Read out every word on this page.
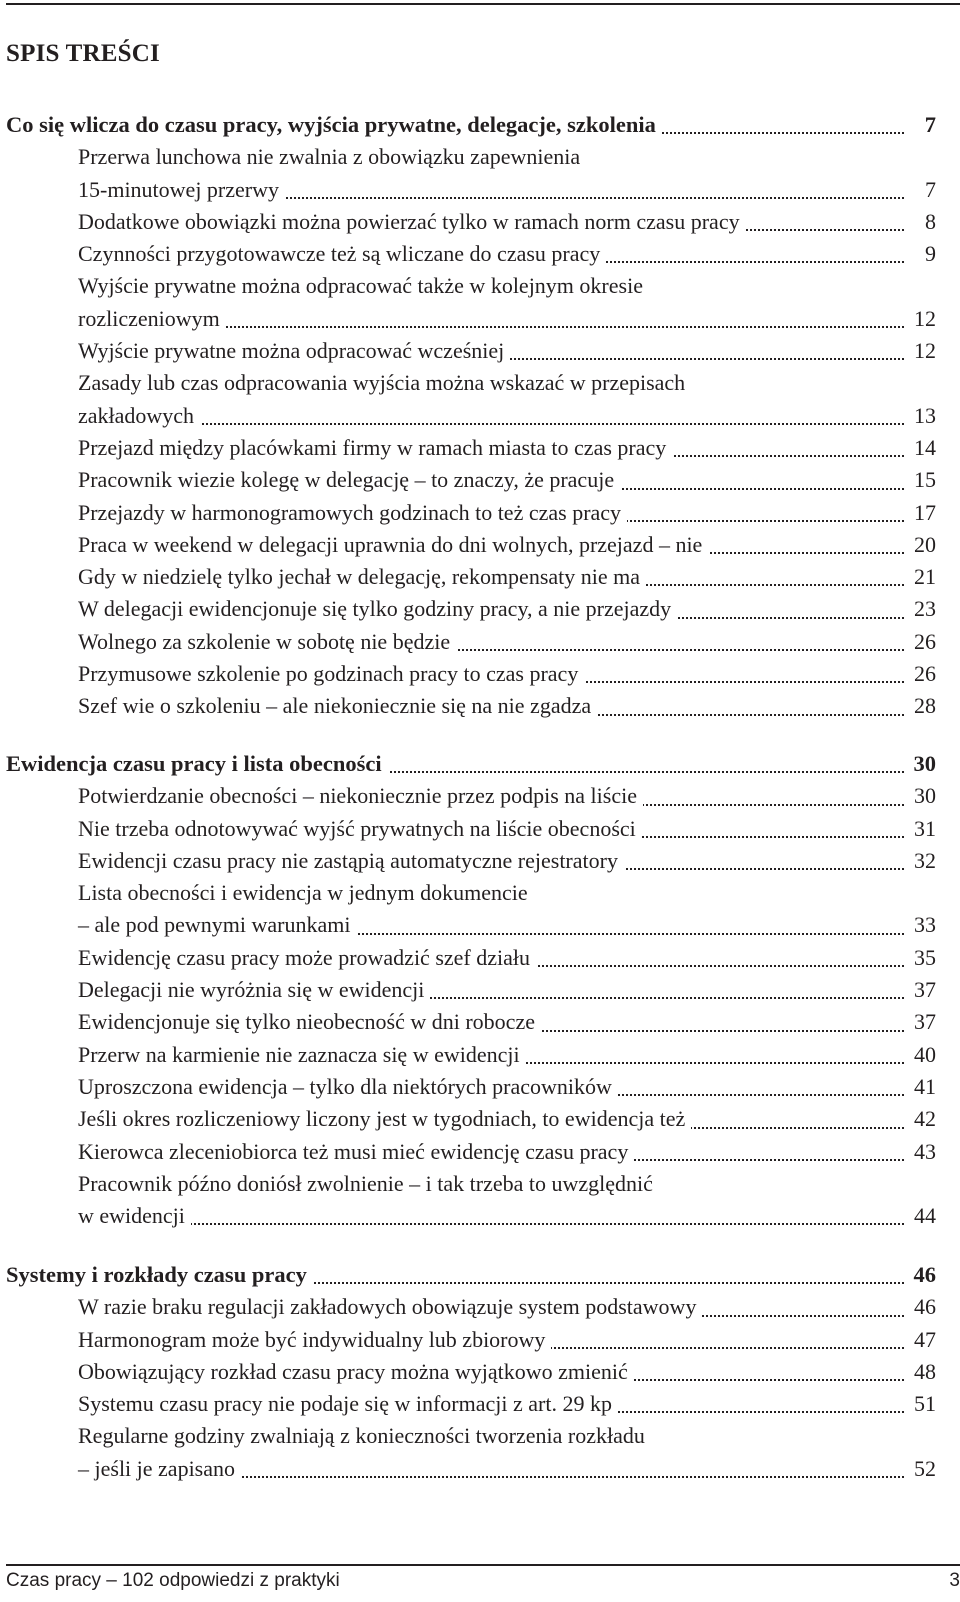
SPIS TREŚCI
Co się wlicza do czasu pracy, wyjścia prywatne, delegacje, szkolenia	7
Przerwa lunchowa nie zwalnia z obowiązku zapewnienia
15-minutowej przerwy	7
Dodatkowe obowiązki można powierzać tylko w ramach norm czasu pracy	8
Czynności przygotowawcze też są wliczane do czasu pracy	9
Wyjście prywatne można odpracować także w kolejnym okresie
rozliczeniowym	12
Wyjście prywatne można odpracować wcześniej	12
Zasady lub czas odpracowania wyjścia można wskazać w przepisach
zakładowych	13
Przejazd między placówkami firmy w ramach miasta to czas pracy	14
Pracownik wiezie kolegę w delegację – to znaczy, że pracuje	15
Przejazdy w harmonogramowych godzinach to też czas pracy	17
Praca w weekend w delegacji uprawnia do dni wolnych, przejazd – nie	20
Gdy w niedzielę tylko jechał w delegację, rekompensaty nie ma	21
W delegacji ewidencjonuje się tylko godziny pracy, a nie przejazdy	23
Wolnego za szkolenie w sobotę nie będzie	26
Przymusowe szkolenie po godzinach pracy to czas pracy	26
Szef wie o szkoleniu – ale niekoniecznie się na nie zgadza	28
Ewidencja czasu pracy i lista obecności	30
Potwierdzanie obecności – niekoniecznie przez podpis na liście	30
Nie trzeba odnotowywać wyjść prywatnych na liście obecności	31
Ewidencji czasu pracy nie zastąpią automatyczne rejestratory	32
Lista obecności i ewidencja w jednym dokumencie
– ale pod pewnymi warunkami	33
Ewidencję czasu pracy może prowadzić szef działu	35
Delegacji nie wyróżnia się w ewidencji	37
Ewidencjonuje się tylko nieobecność w dni robocze	37
Przerw na karmienie nie zaznacza się w ewidencji	40
Uproszczona ewidencja – tylko dla niektórych pracowników	41
Jeśli okres rozliczeniowy liczony jest w tygodniach, to ewidencja też	42
Kierowca zleceniobiorca też musi mieć ewidencję czasu pracy	43
Pracownik późno doniósł zwolnienie – i tak trzeba to uwzględnić
w ewidencji	44
Systemy i rozkłady czasu pracy	46
W razie braku regulacji zakładowych obowiązuje system podstawowy	46
Harmonogram może być indywidualny lub zbiorowy	47
Obowiązujący rozkład czasu pracy można wyjątkowo zmienić	48
Systemu czasu pracy nie podaje się w informacji z art. 29 kp	51
Regularne godziny zwalniają z konieczności tworzenia rozkładu
– jeśli je zapisano	52
Czas pracy – 102 odpowiedzi z praktyki	3
